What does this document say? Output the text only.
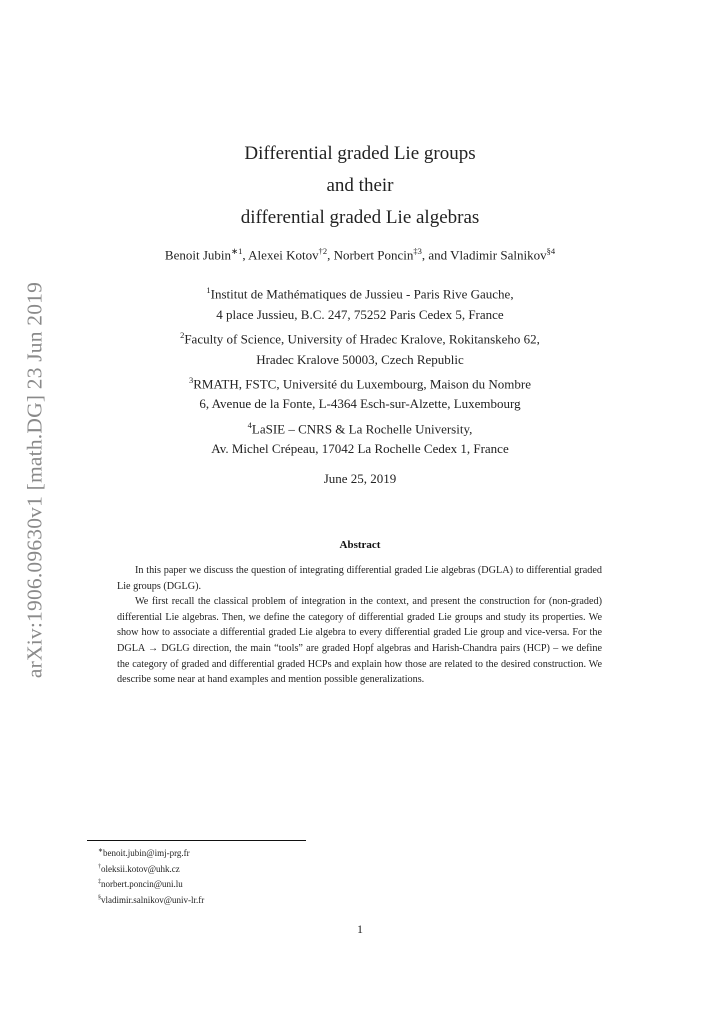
arXiv:1906.09630v1 [math.DG] 23 Jun 2019
Differential graded Lie groups
and their
differential graded Lie algebras
Benoit Jubin$^{∗1}$, Alexei Kotov$^{\dagger 2}$, Norbert Poncin$^{\ddagger 3}$, and Vladimir Salnikov$^{\S 4}$
$^1$Institut de Mathématiques de Jussieu - Paris Rive Gauche,
4 place Jussieu, B.C. 247, 75252 Paris Cedex 5, France
$^2$Faculty of Science, University of Hradec Kralove, Rokitanskeho 62,
Hradec Kralove 50003, Czech Republic
$^3$RMATH, FSTC, Université du Luxembourg, Maison du Nombre
6, Avenue de la Fonte, L-4364 Esch-sur-Alzette, Luxembourg
$^4$LaSIE – CNRS & La Rochelle University,
Av. Michel Crépeau, 17042 La Rochelle Cedex 1, France
June 25, 2019
Abstract

In this paper we discuss the question of integrating differential graded Lie algebras (DGLA) to differential graded Lie groups (DGLG).

We first recall the classical problem of integration in the context, and present the construction for (non-graded) differential Lie algebras. Then, we define the category of differential graded Lie groups and study its properties. We show how to associate a differential graded Lie algebra to every differential graded Lie group and vice-versa. For the DGLA → DGLG direction, the main “tools” are graded Hopf algebras and Harish-Chandra pairs (HCP) – we define the category of graded and differential graded HCPs and explain how those are related to the desired construction. We describe some near at hand examples and mention possible generalizations.

∗benoit.jubin@imj-prg.fr
†oleksii.kotov@uhk.cz
‡norbert.poncin@uni.lu
§vladimir.salnikov@univ-lr.fr
1
